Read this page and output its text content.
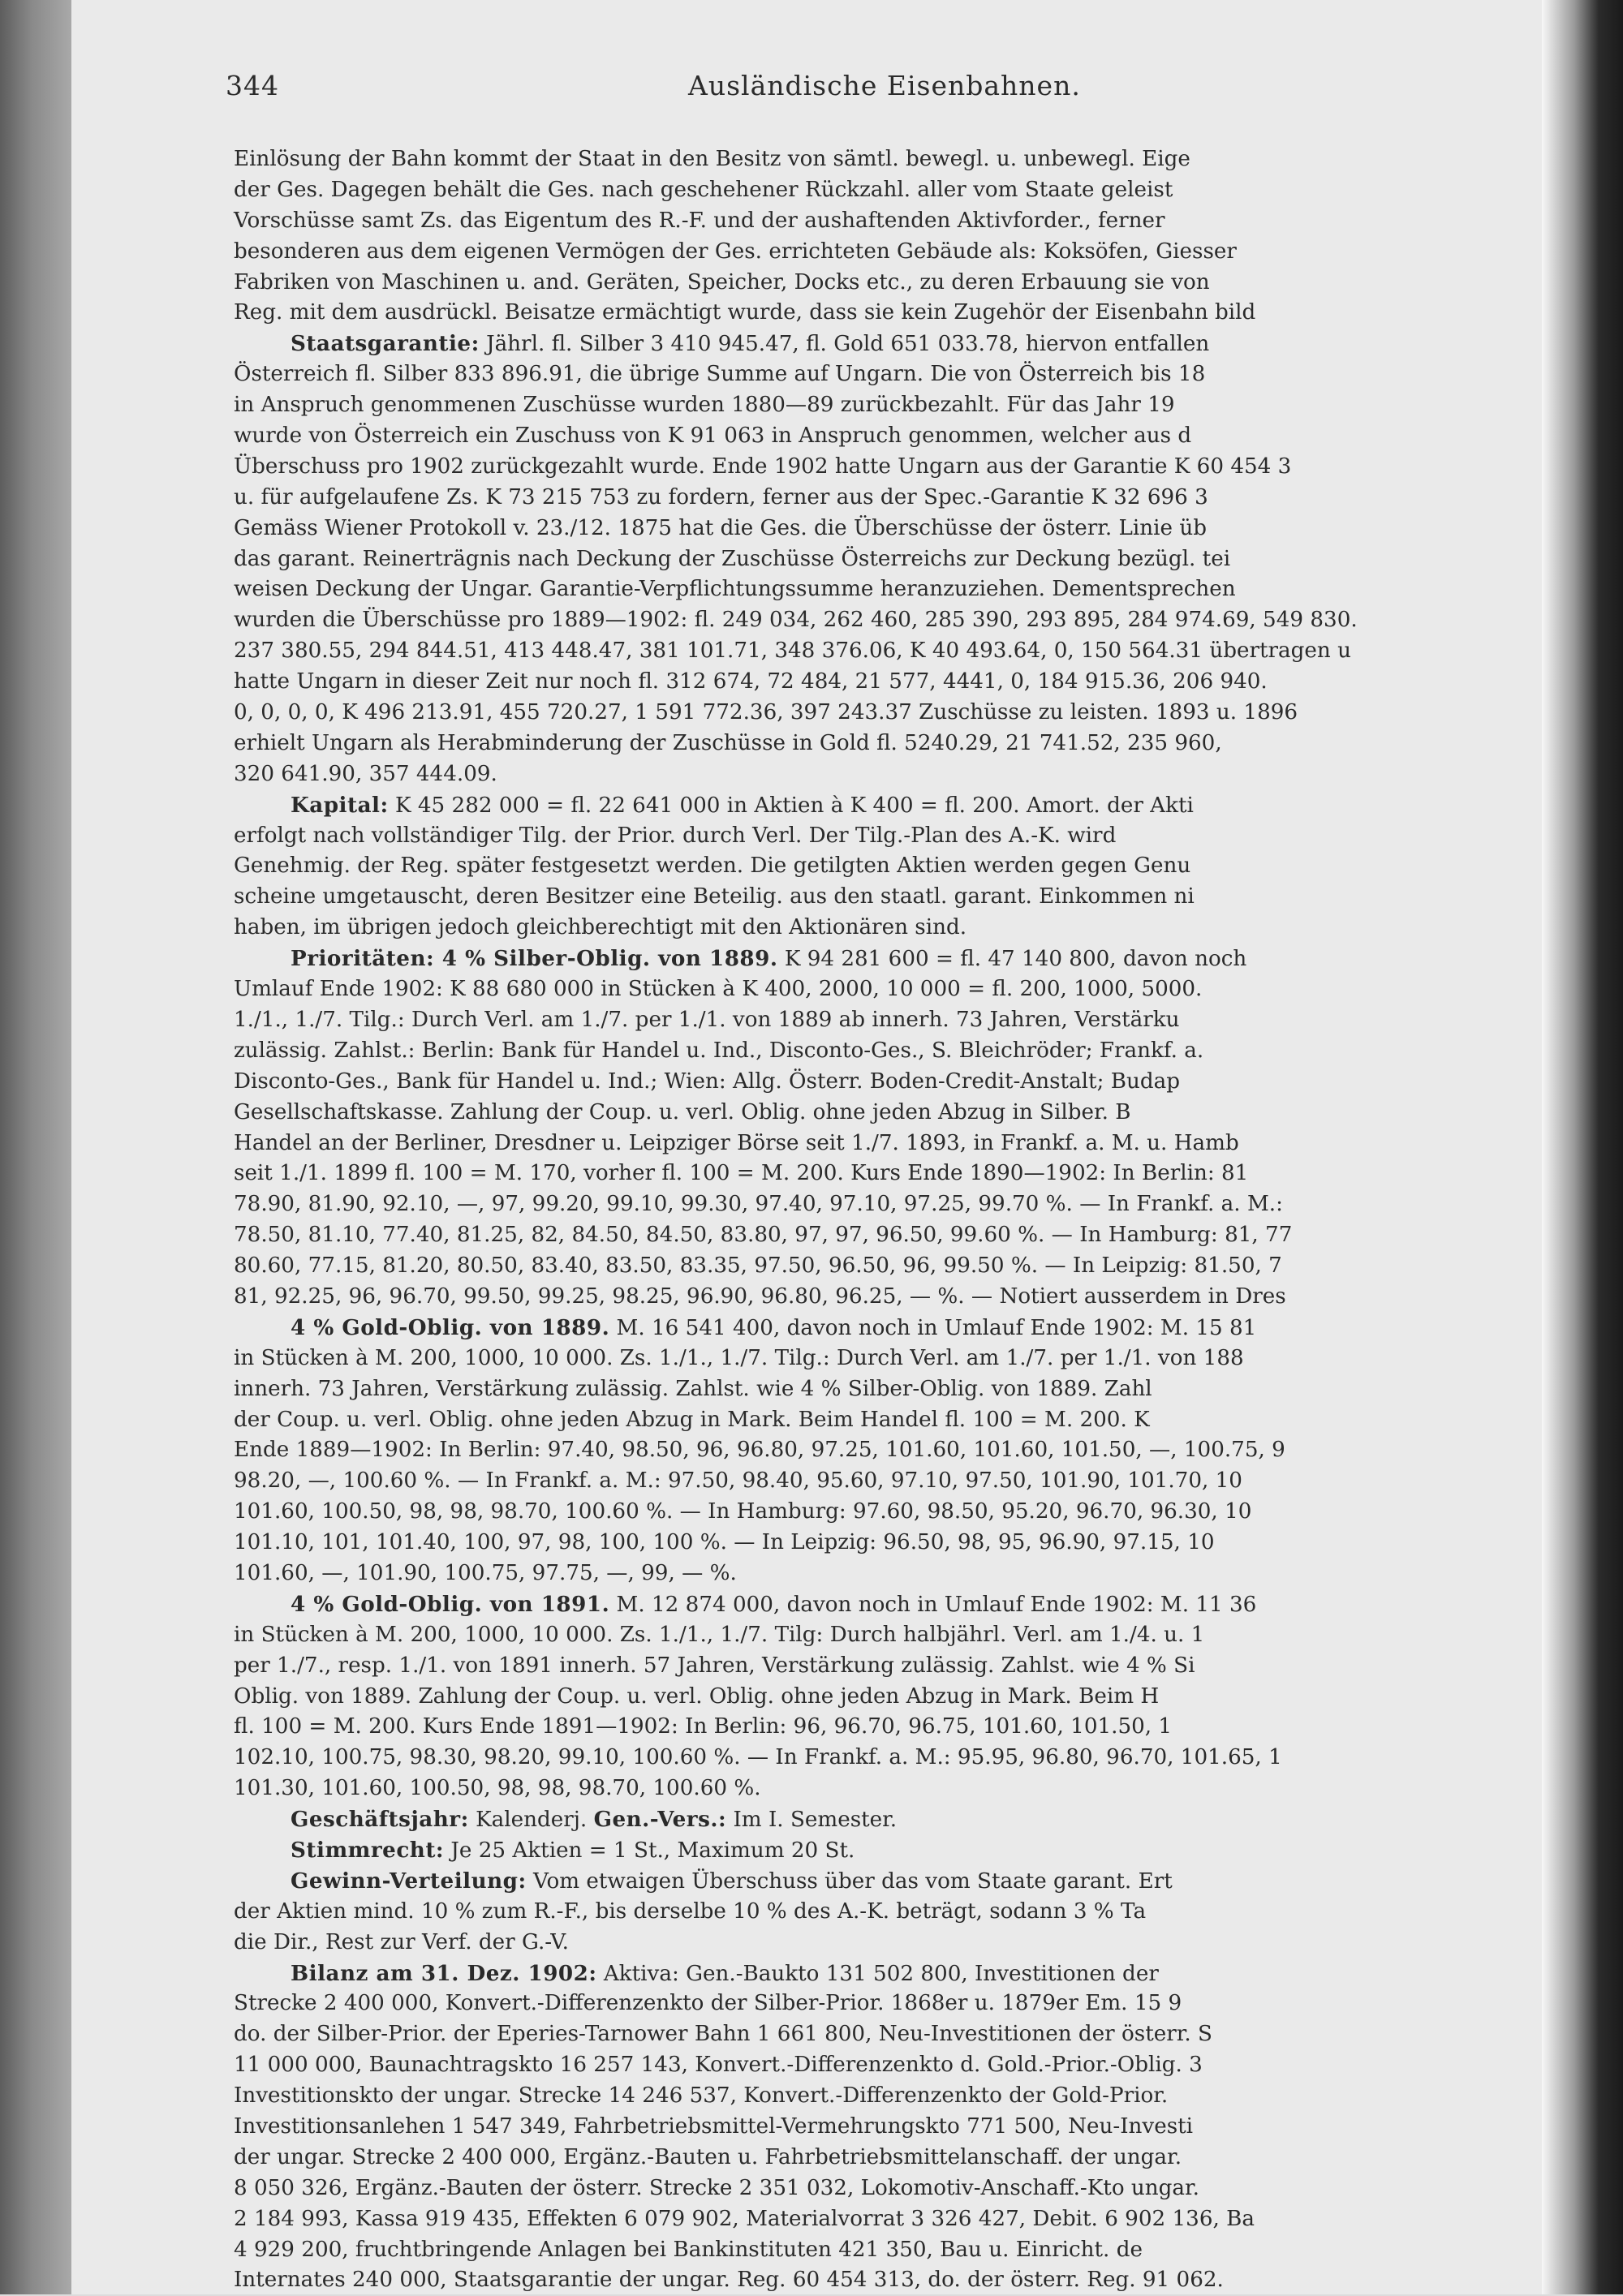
344	Ausländische Eisenbahnen.
Einlösung der Bahn kommt der Staat in den Besitz von sämtl. bewegl. u. unbewegl. Eige
der Ges. Dagegen behält die Ges. nach geschehener Rückzahl. aller vom Staate geleist
Vorschüsse samt Zs. das Eigentum des R.-F. und der aushaftenden Aktivforder., ferner
besonderen aus dem eigenen Vermögen der Ges. errichteten Gebäude als: Koksöfen, Giesser
Fabriken von Maschinen u. and. Geräten, Speicher, Docks etc., zu deren Erbauung sie von
Reg. mit dem ausdrückl. Beisatze ermächtigt wurde, dass sie kein Zugehör der Eisenbahn bild
Staatsgarantie: Jährl. fl. Silber 3 410 945.47, fl. Gold 651 033.78, hiervon entfallen
Österreich fl. Silber 833 896.91, die übrige Summe auf Ungarn. Die von Österreich bis 18
in Anspruch genommenen Zuschüsse wurden 1880—89 zurückbezahlt. Für das Jahr 19
wurde von Österreich ein Zuschuss von K 91 063 in Anspruch genommen, welcher aus d
Überschuss pro 1902 zurückgezahlt wurde. Ende 1902 hatte Ungarn aus der Garantie K 60 454 3
u. für aufgelaufene Zs. K 73 215 753 zu fordern, ferner aus der Spec.-Garantie K 32 696 3
Gemäss Wiener Protokoll v. 23./12. 1875 hat die Ges. die Überschüsse der österr. Linie üb
das garant. Reinerträgnis nach Deckung der Zuschüsse Österreichs zur Deckung bezügl. tei
weisen Deckung der Ungar. Garantie-Verpflichtungssumme heranzuziehen. Dementsprechen
wurden die Überschüsse pro 1889—1902: fl. 249 034, 262 460, 285 390, 293 895, 284 974.69, 549 830.
237 380.55, 294 844.51, 413 448.47, 381 101.71, 348 376.06, K 40 493.64, 0, 150 564.31 übertragen u
hatte Ungarn in dieser Zeit nur noch fl. 312 674, 72 484, 21 577, 4441, 0, 184 915.36, 206 940.
0, 0, 0, 0, K 496 213.91, 455 720.27, 1 591 772.36, 397 243.37 Zuschüsse zu leisten. 1893 u. 1896
erhielt Ungarn als Herabminderung der Zuschüsse in Gold fl. 5240.29, 21 741.52, 235 960,
320 641.90, 357 444.09.
Kapital: K 45 282 000 = fl. 22 641 000 in Aktien à K 400 = fl. 200. Amort. der Akti
erfolgt nach vollständiger Tilg. der Prior. durch Verl. Der Tilg.-Plan des A.-K. wird
Genehmig. der Reg. später festgesetzt werden. Die getilgten Aktien werden gegen Genu
scheine umgetauscht, deren Besitzer eine Beteilig. aus den staatl. garant. Einkommen ni
haben, im übrigen jedoch gleichberechtigt mit den Aktionären sind.
Prioritäten: 4 % Silber-Oblig. von 1889. K 94 281 600 = fl. 47 140 800, davon noch
Umlauf Ende 1902: K 88 680 000 in Stücken à K 400, 2000, 10 000 = fl. 200, 1000, 5000.
1./1., 1./7. Tilg.: Durch Verl. am 1./7. per 1./1. von 1889 ab innerh. 73 Jahren, Verstärku
zulässig. Zahlst.: Berlin: Bank für Handel u. Ind., Disconto-Ges., S. Bleichröder; Frankf. a.
Disconto-Ges., Bank für Handel u. Ind.; Wien: Allg. Österr. Boden-Credit-Anstalt; Budap
Gesellschaftskasse. Zahlung der Coup. u. verl. Oblig. ohne jeden Abzug in Silber. B
Handel an der Berliner, Dresdner u. Leipziger Börse seit 1./7. 1893, in Frankf. a. M. u. Hamb
seit 1./1. 1899 fl. 100 = M. 170, vorher fl. 100 = M. 200. Kurs Ende 1890—1902: In Berlin: 81
78.90, 81.90, 92.10, —, 97, 99.20, 99.10, 99.30, 97.40, 97.10, 97.25, 99.70 %. — In Frankf. a. M.:
78.50, 81.10, 77.40, 81.25, 82, 84.50, 84.50, 83.80, 97, 97, 96.50, 99.60 %. — In Hamburg: 81, 77
80.60, 77.15, 81.20, 80.50, 83.40, 83.50, 83.35, 97.50, 96.50, 96, 99.50 %. — In Leipzig: 81.50, 7
81, 92.25, 96, 96.70, 99.50, 99.25, 98.25, 96.90, 96.80, 96.25, — %. — Notiert ausserdem in Dres
4 % Gold-Oblig. von 1889. M. 16 541 400, davon noch in Umlauf Ende 1902: M. 15 81
in Stücken à M. 200, 1000, 10 000. Zs. 1./1., 1./7. Tilg.: Durch Verl. am 1./7. per 1./1. von 188
innerh. 73 Jahren, Verstärkung zulässig. Zahlst. wie 4 % Silber-Oblig. von 1889. Zahl
der Coup. u. verl. Oblig. ohne jeden Abzug in Mark. Beim Handel fl. 100 = M. 200. K
Ende 1889—1902: In Berlin: 97.40, 98.50, 96, 96.80, 97.25, 101.60, 101.60, 101.50, —, 100.75, 9
98.20, —, 100.60 %. — In Frankf. a. M.: 97.50, 98.40, 95.60, 97.10, 97.50, 101.90, 101.70, 10
101.60, 100.50, 98, 98, 98.70, 100.60 %. — In Hamburg: 97.60, 98.50, 95.20, 96.70, 96.30, 10
101.10, 101, 101.40, 100, 97, 98, 100, 100 %. — In Leipzig: 96.50, 98, 95, 96.90, 97.15, 10
101.60, —, 101.90, 100.75, 97.75, —, 99, — %.
4 % Gold-Oblig. von 1891. M. 12 874 000, davon noch in Umlauf Ende 1902: M. 11 36
in Stücken à M. 200, 1000, 10 000. Zs. 1./1., 1./7. Tilg: Durch halbjährl. Verl. am 1./4. u. 1
per 1./7., resp. 1./1. von 1891 innerh. 57 Jahren, Verstärkung zulässig. Zahlst. wie 4 % Si
Oblig. von 1889. Zahlung der Coup. u. verl. Oblig. ohne jeden Abzug in Mark. Beim H
fl. 100 = M. 200. Kurs Ende 1891—1902: In Berlin: 96, 96.70, 96.75, 101.60, 101.50, 1
102.10, 100.75, 98.30, 98.20, 99.10, 100.60 %. — In Frankf. a. M.: 95.95, 96.80, 96.70, 101.65, 1
101.30, 101.60, 100.50, 98, 98, 98.70, 100.60 %.
Geschäftsjahr: Kalenderj. Gen.-Vers.: Im I. Semester.
Stimmrecht: Je 25 Aktien = 1 St., Maximum 20 St.
Gewinn-Verteilung: Vom etwaigen Überschuss über das vom Staate garant. Ert
der Aktien mind. 10 % zum R.-F., bis derselbe 10 % des A.-K. beträgt, sodann 3 % Ta
die Dir., Rest zur Verf. der G.-V.
Bilanz am 31. Dez. 1902: Aktiva: Gen.-Baukto 131 502 800, Investitionen der
Strecke 2 400 000, Konvert.-Differenzenkto der Silber-Prior. 1868er u. 1879er Em. 15 9
do. der Silber-Prior. der Eperies-Tarnower Bahn 1 661 800, Neu-Investitionen der österr. S
11 000 000, Baunachtragskto 16 257 143, Konvert.-Differenzenkto d. Gold.-Prior.-Oblig. 3
Investitionskto der ungar. Strecke 14 246 537, Konvert.-Differenzenkto der Gold-Prior.
Investitionsanlehen 1 547 349, Fahrbetriebsmittel-Vermehrungskto 771 500, Neu-Investi
der ungar. Strecke 2 400 000, Ergänz.-Bauten u. Fahrbetriebsmittelanschaff. der ungar.
8 050 326, Ergänz.-Bauten der österr. Strecke 2 351 032, Lokomotiv-Anschaff.-Kto ungar.
2 184 993, Kassa 919 435, Effekten 6 079 902, Materialvorrat 3 326 427, Debit. 6 902 136, Ba
4 929 200, fruchtbringende Anlagen bei Bankinstituten 421 350, Bau u. Einricht. de
Internates 240 000, Staatsgarantie der ungar. Reg. 60 454 313, do. der österr. Reg. 91 062.
